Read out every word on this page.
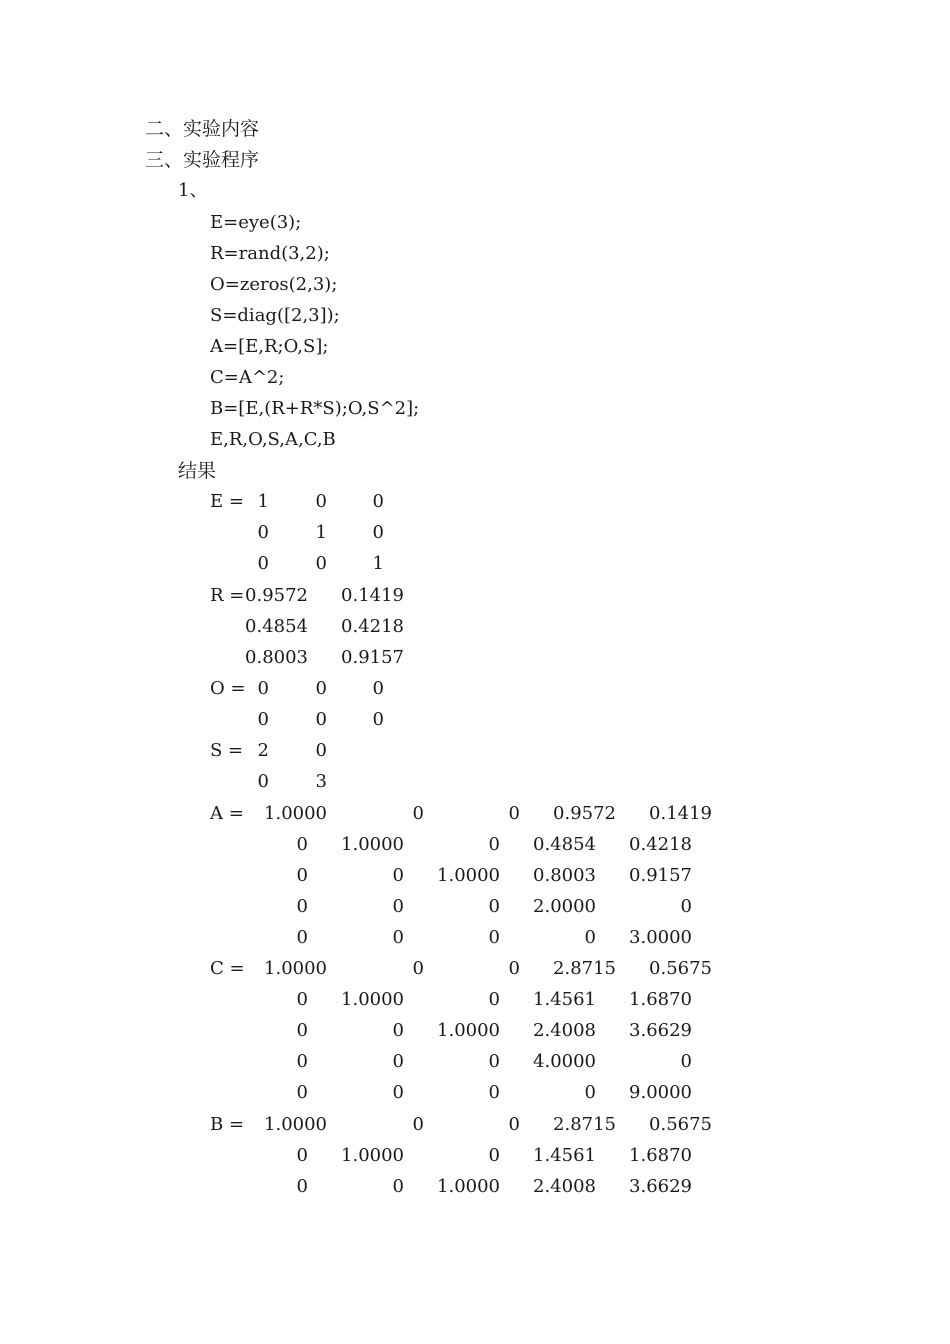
二、实验内容
三、实验程序
1、
E=eye(3);
R=rand(3,2);
O=zeros(2,3);
S=diag([2,3]);
A=[E,R;O,S];
C=A^2;
B=[E,(R+R*S);O,S^2];
E,R,O,S,A,C,B
结果
E = 1	0	0
0	1	0
0	0	1
R = 0.9572	0.1419
0.4854	0.4218
0.8003	0.9157
O = 0	0	0
0	0	0
S = 2	0
0	3
A =	1.0000	0	0	0.9572	0.1419
0	1.0000	0	0.4854	0.4218
0	0	1.0000	0.8003	0.9157
0	0	0	2.0000	0
0	0	0	0	3.0000
C =	1.0000	0	0	2.8715	0.5675
0	1.0000	0	1.4561	1.6870
0	0	1.0000	2.4008	3.6629
0	0	0	4.0000	0
0	0	0	0	9.0000
B =	1.0000	0	0	2.8715	0.5675
0	1.0000	0	1.4561	1.6870
0	0	1.0000	2.4008	3.6629
